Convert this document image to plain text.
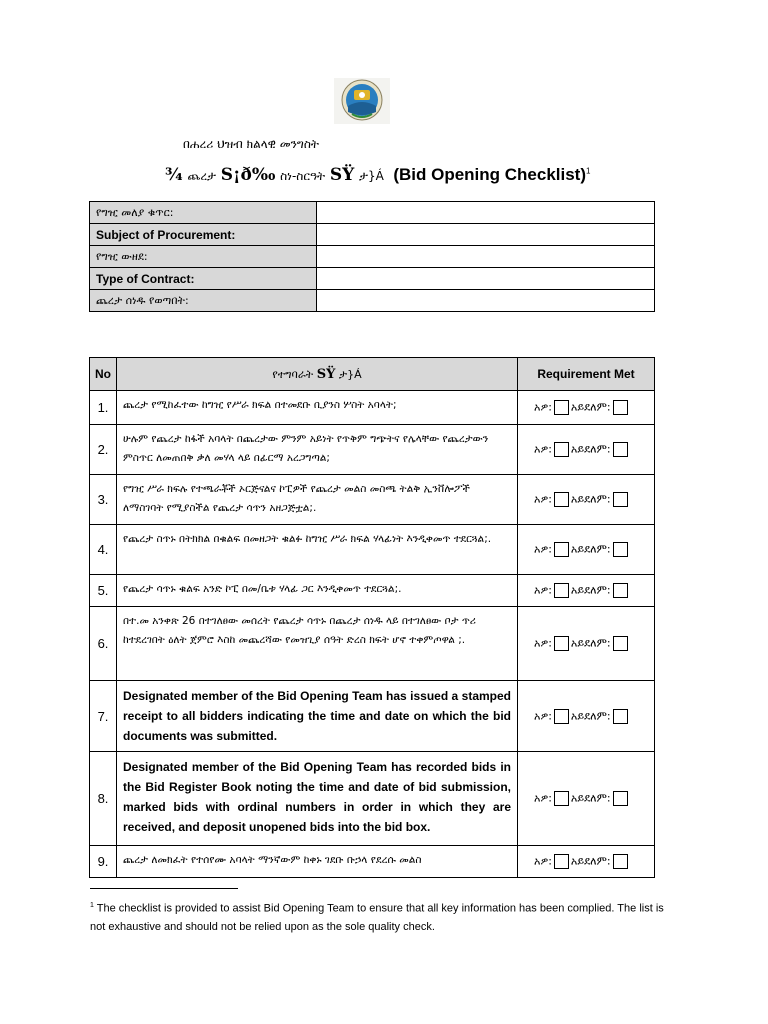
በሐረሪ ህዝብ ክልላዊ መንግስት
¾ ጨረታ S¡ð‰ ስነ-ስርዓት SŸ ታ}Á (Bid Opening Checklist)$^1$
የግዢ መለያ ቁጥር:	
Subject of Procurement:	
የግዢ ውዘደ:	
Type of Contract:	
ጨረታ ሰነዱ የወጣበት:	
No	የተግባራት SŸ ታ}Á	Requirement Met
1.	ጨረታ የሚከፈተው ከግዢ የሥራ ክፍል በተመደቡ ቢያንስ ሦስት አባላት;	አዎ: አይደለም:
2.	ሁሉም የጨረታ ከፋች አባላት በጨረታው ምንም አይነት የጥቅም ግጭትና የሌላቸው የጨረታውን ምስጥር ለመጠበቅ ቃለ መሃላ ላይ በፊርማ አረጋግጣል;	አዎ: አይደለም:
3.	የግዢ ሥራ ክፍሉ የተጫራቾች ኦርጅናልና ኮፒዎች የጨረታ መልስ መስጫ ትልቅ ኢንቨሎፖች ለማስገባት የሚያስችል የጨረታ ሳጥን አዘጋጅቷል;.	አዎ: አይደለም:
4.	የጨረታ ስጥኑ በትክክል በቁልፍ በመዘጋት ቁልፉ ከግዢ ሥራ ክፍል ሃላፊነት እንዲቀመጥ ተደርጓል;.	አዎ: አይደለም:
5.	የጨረታ ሳጥኑ ቁልፍ አንድ ኮፒ በመ/ቤቱ ሃላፊ ጋር እንዲቀመጥ ተደርጓል;.	አዎ: አይደለም:
6.	በተ.መ አንቀጽ 26 በተገለፀው መሰረት የጨረታ ሳጥኑ በጨረታ ሰነዱ ላይ በተገለፀው ቦታ ጥሪ ከተደረገበት ዕለት ጀምሮ እስከ መጨረሻው የመዝጊያ ሰዓት ድረስ ክፍት ሆኖ ተቀምጦዋል ;.	አዎ: አይደለም:
7.	Designated member of the Bid Opening Team has issued a stamped receipt to all bidders indicating the time and date on which the bid documents was submitted.	አዎ: አይደለም:
8.	Designated member of the Bid Opening Team has recorded bids in the Bid Register Book noting the time and date of bid submission, marked bids with ordinal numbers in order in which they are received, and deposit unopened bids into the bid box.	አዎ: አይደለም:
9.	ጨረታ ለመክፈት የተሰየሙ አባላት ማንኛውም ከቀኑ ገደቡ ቡኃላ የደረሱ መልስ	አዎ: አይደለም:
$^1$ The checklist is provided to assist Bid Opening Team to ensure that all key information has been complied. The list is not exhaustive and should not be relied upon as the sole quality check.
